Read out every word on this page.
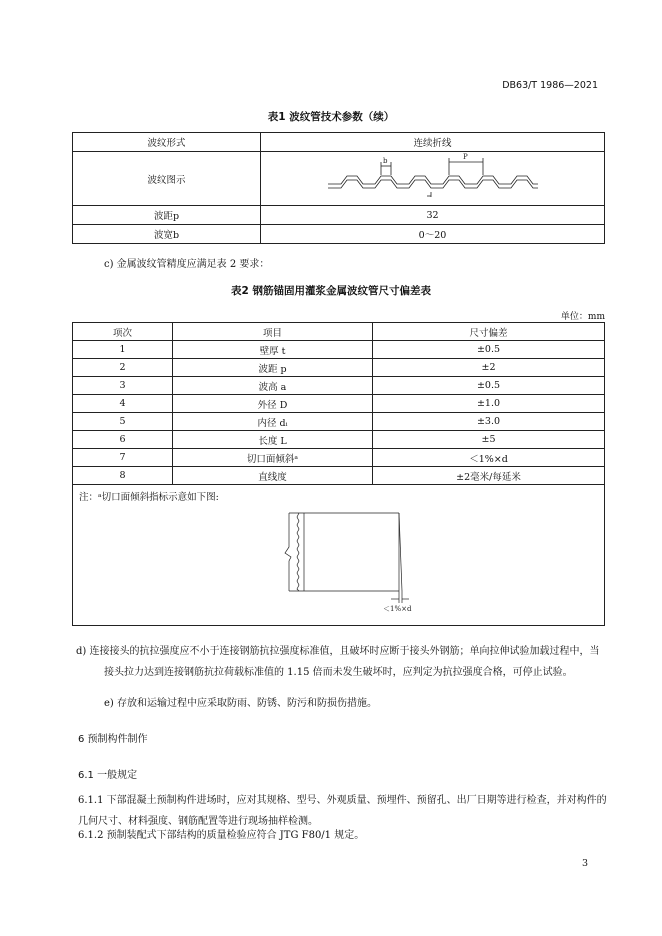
DB63/T 1986—2021
表1 波纹管技术参数（续）
波纹形式	连续折线
波纹图示	b P

波距p	32
波宽b	0～20
c) 金属波纹管精度应满足表 2 要求：
表2 钢筋锚固用灌浆金属波纹管尺寸偏差表
单位：mm
项次	项目	尺寸偏差
1	壁厚 t	±0.5
2	波距 p	±2
3	波高 a	±0.5
4	外径 D	±1.0
5	内径 dᵢ	±3.0
6	长度 L	±5
7	切口面倾斜ᵃ	＜1%×d
8	直线度	±2毫米/每延米

注：ᵃ切口面倾斜指标示意如下图:
＜1%×d		
d) 连接接头的抗拉强度应不小于连接钢筋抗拉强度标准值，且破坏时应断于接头外钢筋；单向拉伸试验加载过程中，当接头拉力达到连接钢筋抗拉荷载标准值的 1.15 倍而未发生破坏时，应判定为抗拉强度合格，可停止试验。
e) 存放和运输过程中应采取防雨、防锈、防污和防损伤措施。
6 预制构件制作
6.1 一般规定
6.1.1 下部混凝土预制构件进场时，应对其规格、型号、外观质量、预埋件、预留孔、出厂日期等进行检查，并对构件的几何尺寸、材料强度、钢筋配置等进行现场抽样检测。
6.1.2 预制装配式下部结构的质量检验应符合 JTG F80/1 规定。
3
